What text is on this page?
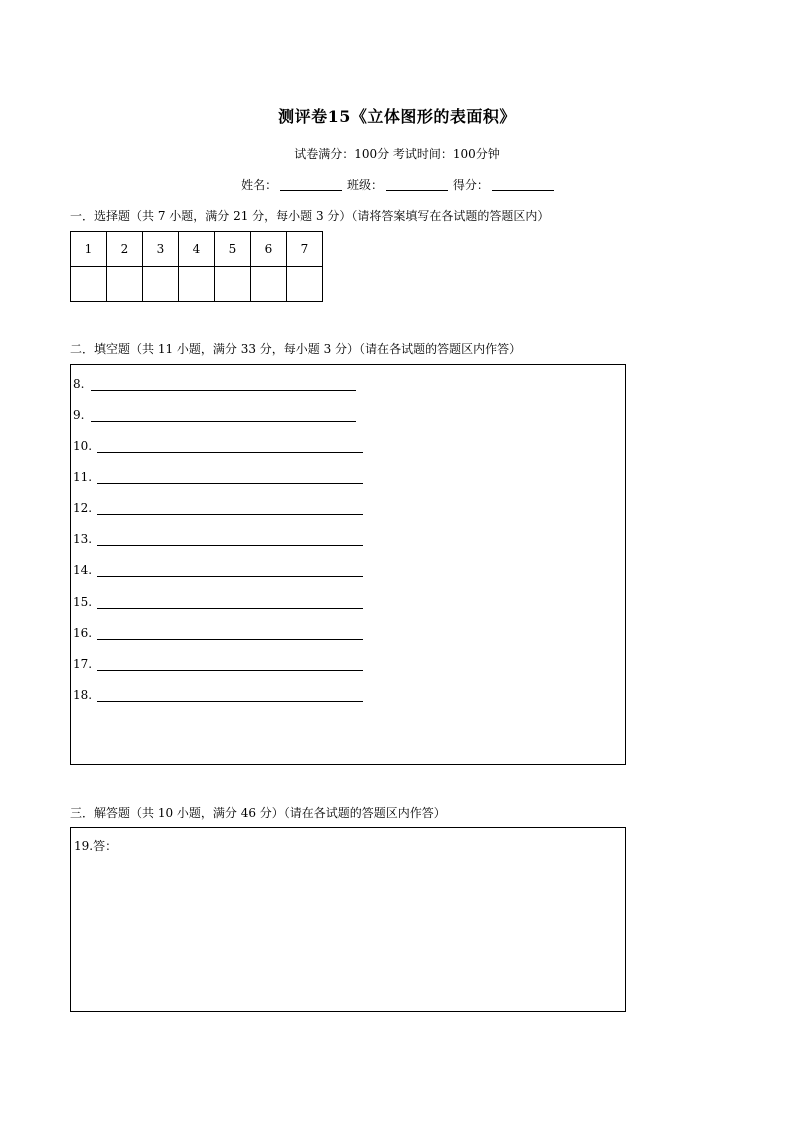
测评卷15《立体图形的表面积》
试卷满分：100分 考试时间：100分钟
姓名：	班级：	得分：
一．选择题（共 7 小题，满分 21 分，每小题 3 分）（请将答案填写在各试题的答题区内）
1	2	3	4	5	6	7

二．填空题（共 11 小题，满分 33 分，每小题 3 分）（请在各试题的答题区内作答）
8.
9.
10.
11.
12.
13.
14.
15.
16.
17.
18.
三．解答题（共 10 小题，满分 46 分）（请在各试题的答题区内作答）
19.答：
